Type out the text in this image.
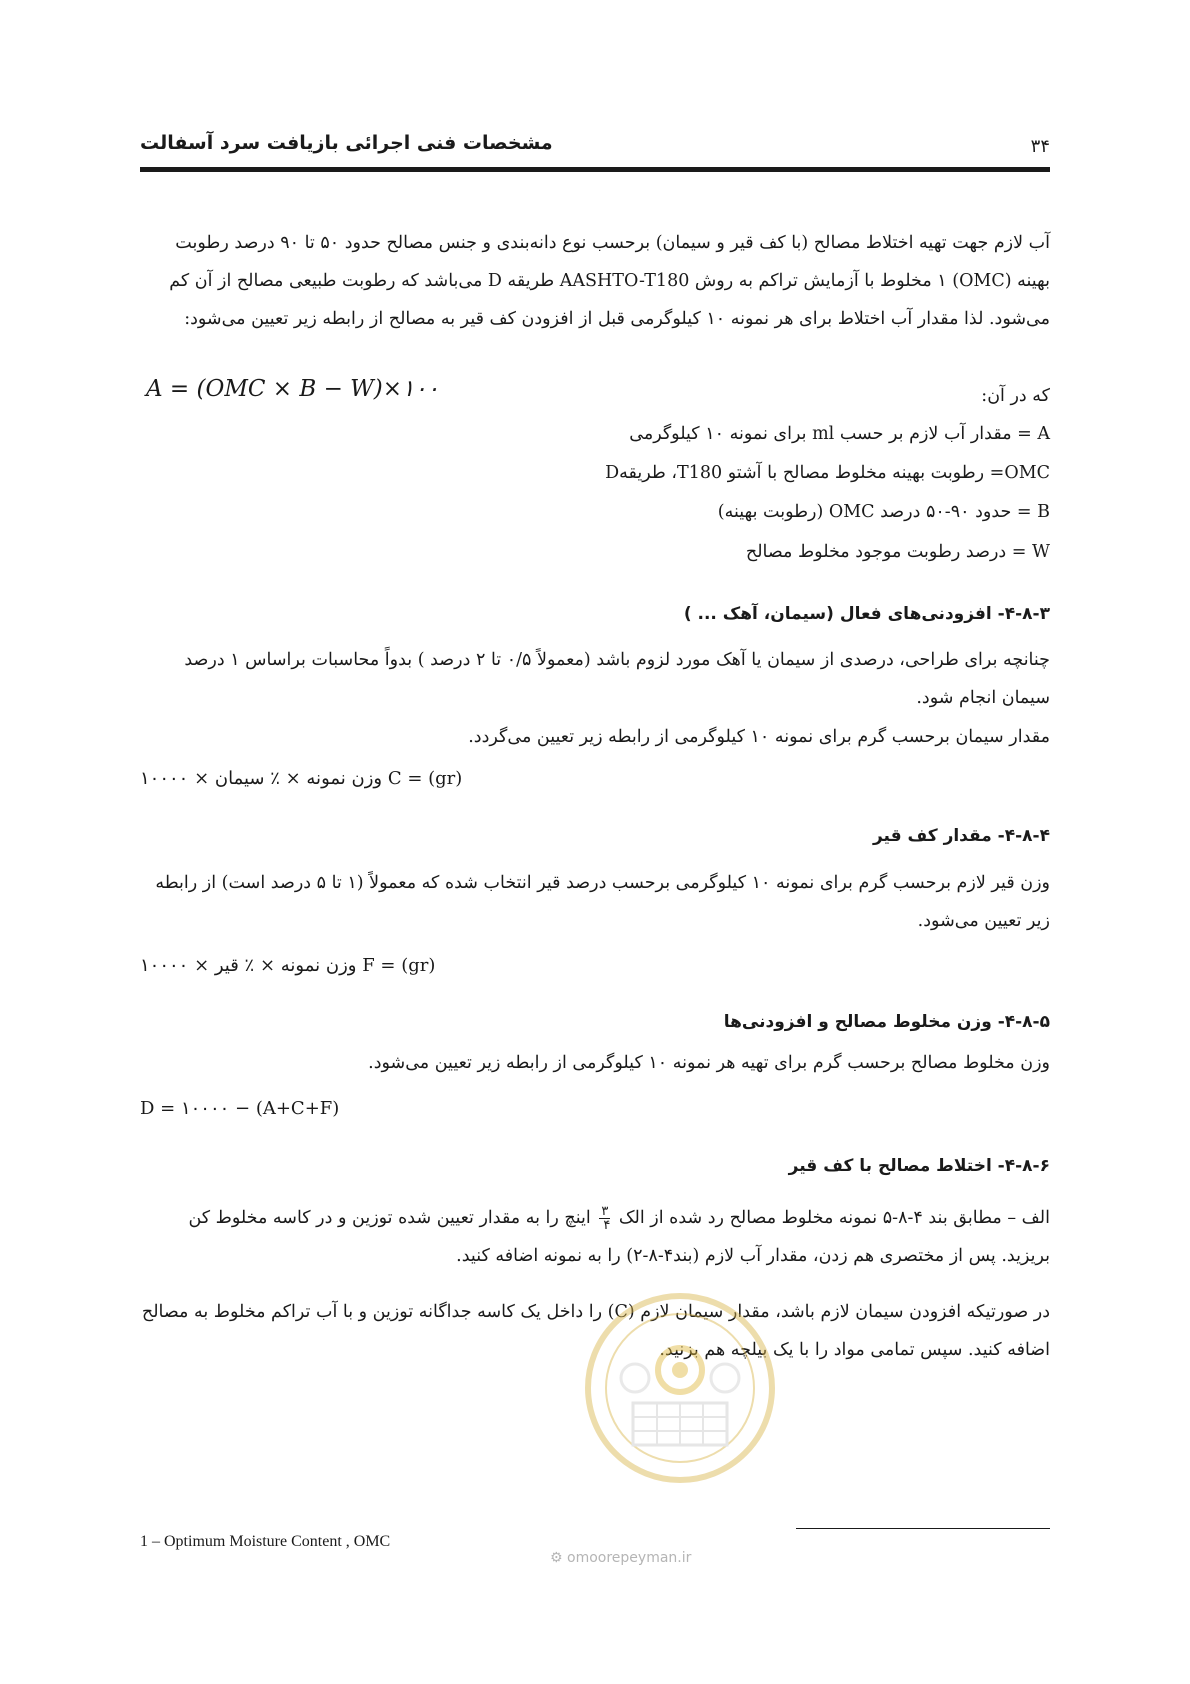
مشخصات فنی اجرائی بازیافت سرد آسفالت	۳۴
آب لازم جهت تهیه اختلاط مصالح (با کف قیر و سیمان) برحسب نوع دانه‌بندی و جنس مصالح حدود ۵۰ تا ۹۰ درصد رطوبت
بهینه (OMC) ۱ مخلوط با آزمایش تراکم به روش AASHTO-T180 طریقه D می‌باشد که رطوبت طبیعی مصالح از آن کم
می‌شود. لذا مقدار آب اختلاط برای هر نمونه ۱۰ کیلوگرمی قبل از افزودن کف قیر به مصالح از رابطه زیر تعیین می‌شود:
A = (OMC × B − W)×۱۰۰	که در آن:
A = مقدار آب لازم بر حسب ml برای نمونه ۱۰ کیلوگرمی
OMC= رطوبت بهینه مخلوط مصالح با آشتو T180، طریقهD
B = حدود ۹۰-۵۰ درصد OMC (رطوبت بهینه)
W = درصد رطوبت موجود مخلوط مصالح
۴-۸-۳- افزودنی‌های فعال (سیمان، آهک ... )
چنانچه برای طراحی، درصدی از سیمان یا آهک مورد لزوم باشد (معمولاً ۰/۵ تا ۲ درصد ) بدواً محاسبات براساس ۱ درصد
سیمان انجام شود.
مقدار سیمان برحسب گرم برای نمونه ۱۰ کیلوگرمی از رابطه زیر تعیین می‌گردد.
C = (gr) وزن نمونه × ٪ سیمان × ۱۰۰۰۰
۴-۸-۴- مقدار کف قیر
وزن قیر لازم برحسب گرم برای نمونه ۱۰ کیلوگرمی برحسب درصد قیر انتخاب شده که معمولاً (۱ تا ۵ درصد است) از رابطه
زیر تعیین می‌شود.
F = (gr) وزن نمونه × ٪ قیر × ۱۰۰۰۰
۴-۸-۵- وزن مخلوط مصالح و افزودنی‌ها
وزن مخلوط مصالح برحسب گرم برای تهیه هر نمونه ۱۰ کیلوگرمی از رابطه زیر تعیین می‌شود.
D = ۱۰۰۰۰ − (A+C+F)
۴-۸-۶- اختلاط مصالح با کف قیر
الف – مطابق بند ۴-۸-۵ نمونه مخلوط مصالح رد شده از الک
$\frac{۳}{۴}$
اینچ را به مقدار تعیین شده توزین و در کاسه مخلوط کن
بریزید. پس از مختصری هم زدن، مقدار آب لازم (بند۴-۸-۲) را به نمونه اضافه کنید.
در صورتیکه افزودن سیمان لازم باشد، مقدار سیمان لازم (C) را داخل یک کاسه جداگانه توزین و با آب تراکم مخلوط به مصالح
اضافه کنید. سپس تمامی مواد را با یک بیلچه هم بزنید.
⚙ omoorepeyman.ir
1 – Optimum Moisture Content , OMC
